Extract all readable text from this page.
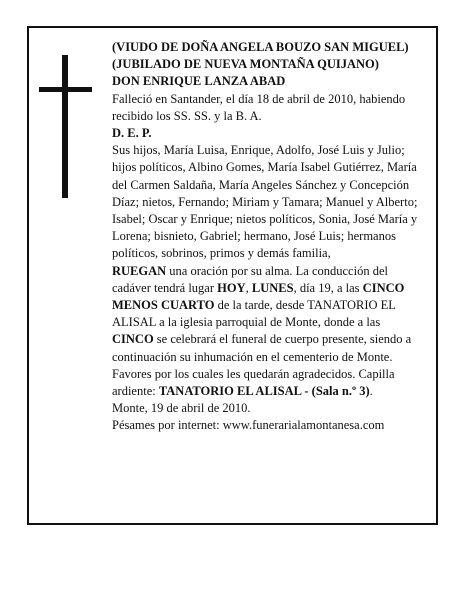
(VIUDO DE DOÑA ANGELA BOUZO SAN MIGUEL) (JUBILADO DE NUEVA MONTAÑA QUIJANO)

DON ENRIQUE LANZA ABAD

Falleció en Santander, el día 18 de abril de 2010, habiendo recibido los SS. SS. y la B. A.

D. E. P.

Sus hijos, María Luisa, Enrique, Adolfo, José Luis y Julio; hijos políticos, Albino Gomes, María Isabel Gutiérrez, María del Carmen Saldaña, María Angeles Sánchez y Concepción Díaz; nietos, Fernando; Miriam y Tamara; Manuel y Alberto; Isabel; Oscar y Enrique; nietos políticos, Sonia, José María y Lorena; bisnieto, Gabriel; hermano, José Luis; hermanos políticos, sobrinos, primos y demás familia,

RUEGAN una oración por su alma. La conducción del cadáver tendrá lugar HOY, LUNES, día 19, a las CINCO MENOS CUARTO de la tarde, desde TANATORIO EL ALISAL a la iglesia parroquial de Monte, donde a las CINCO se celebrará el funeral de cuerpo presente, siendo a continuación su inhumación en el cementerio de Monte. Favores por los cuales les quedarán agradecidos. Capilla ardiente: TANATORIO EL ALISAL - (Sala n.º 3).

Monte, 19 de abril de 2010.

Pésames por internet: www.funerarialamontanesa.com
